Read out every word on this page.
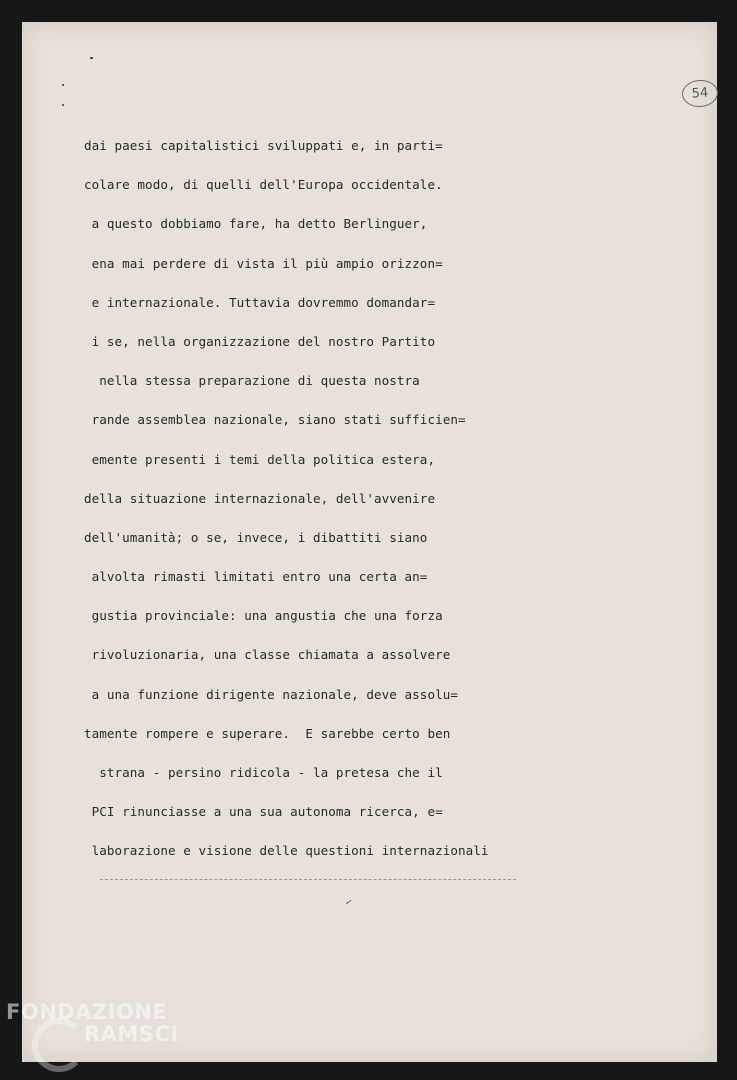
54
dai paesi capitalistici sviluppati e, in parti=
colare modo, di quelli dell'Europa occidentale.
a questo dobbiamo fare, ha detto Berlinguer,
ena mai perdere di vista il più ampio orizzon=
e internazionale. Tuttavia dovremmo domandar=
i se, nella organizzazione del nostro Partito
nella stessa preparazione di questa nostra
rande assemblea nazionale, siano stati sufficien=
emente presenti i temi della politica estera,
della situazione internazionale, dell'avvenire
dell'umanità; o se, invece, i dibattiti siano
alvolta rimasti limitati entro una certa an=
gustia provinciale: una angustia che una forza
rivoluzionaria, una classe chiamata a assolvere
a una funzione dirigente nazionale, deve assolu=
tamente rompere e superare.  E sarebbe certo ben
strana - persino ridicola - la pretesa che il
PCI rinunciasse a una sua autonoma ricerca, e=
laborazione e visione delle questioni internazionali
FONDAZIONE
RAMSCI
